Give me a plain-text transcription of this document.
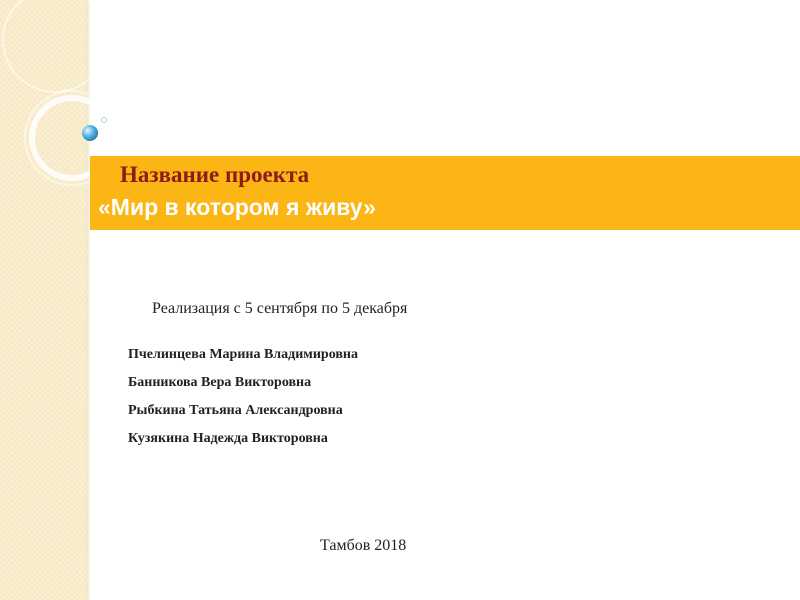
Название проекта
«Мир в котором я живу»
Реализация с 5 сентября по 5 декабря
Пчелинцева Марина Владимировна
Банникова Вера Викторовна
Рыбкина Татьяна Александровна
Кузякина Надежда Викторовна
Тамбов 2018
